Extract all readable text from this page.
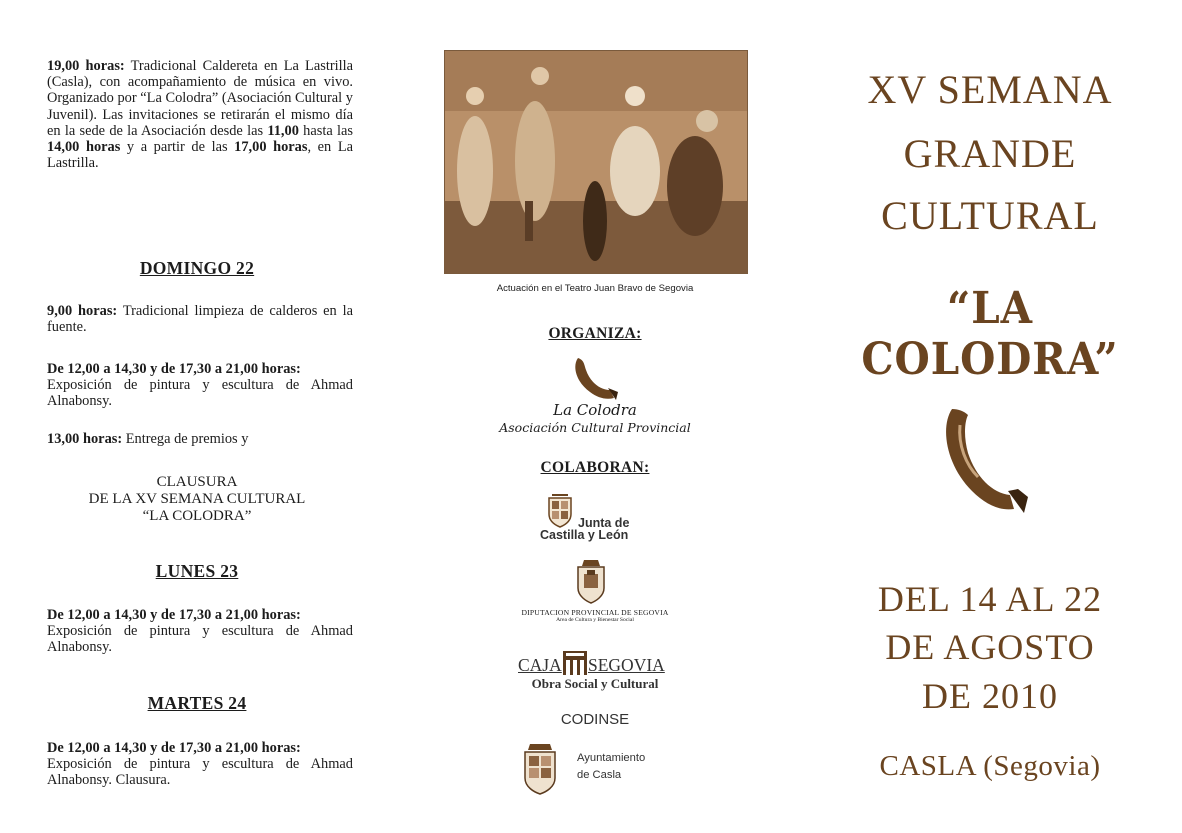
19,00 horas: Tradicional Caldereta en La Lastrilla (Casla), con acompañamiento de música en vivo. Organizado por “La Colodra” (Asociación Cultural y Juvenil). Las invitaciones se retirarán el mismo día en la sede de la Asociación desde las 11,00 hasta las 14,00 horas y a partir de las 17,00 horas, en La Lastrilla.
DOMINGO 22
9,00 horas: Tradicional limpieza de calderos en la fuente.
De 12,00 a 14,30 y de 17,30 a 21,00 horas:
Exposición de pintura y escultura de Ahmad Alnabonsy.
13,00 horas: Entrega de premios y
CLAUSURA
DE LA XV SEMANA CULTURAL
“LA COLODRA”
LUNES 23
De 12,00 a 14,30 y de 17,30 a 21,00 horas:
Exposición de pintura y escultura de Ahmad Alnabonsy.
MARTES 24
De 12,00 a 14,30 y de 17,30 a 21,00 horas:
Exposición de pintura y escultura de Ahmad Alnabonsy. Clausura.
Actuación en el Teatro Juan Bravo de Segovia
ORGANIZA:
La Colodra
Asociación Cultural Provincial
COLABORAN:
Junta de
Castilla y León
DIPUTACION PROVINCIAL DE SEGOVIA
Area de Cultura y Bienestar Social
CAJA SEGOVIA
Obra Social y Cultural
CODINSE
Ayuntamiento
de Casla
XV SEMANA
GRANDE
CULTURAL
“LA COLODRA”
DEL 14 AL 22
DE AGOSTO
DE 2010
CASLA (Segovia)
